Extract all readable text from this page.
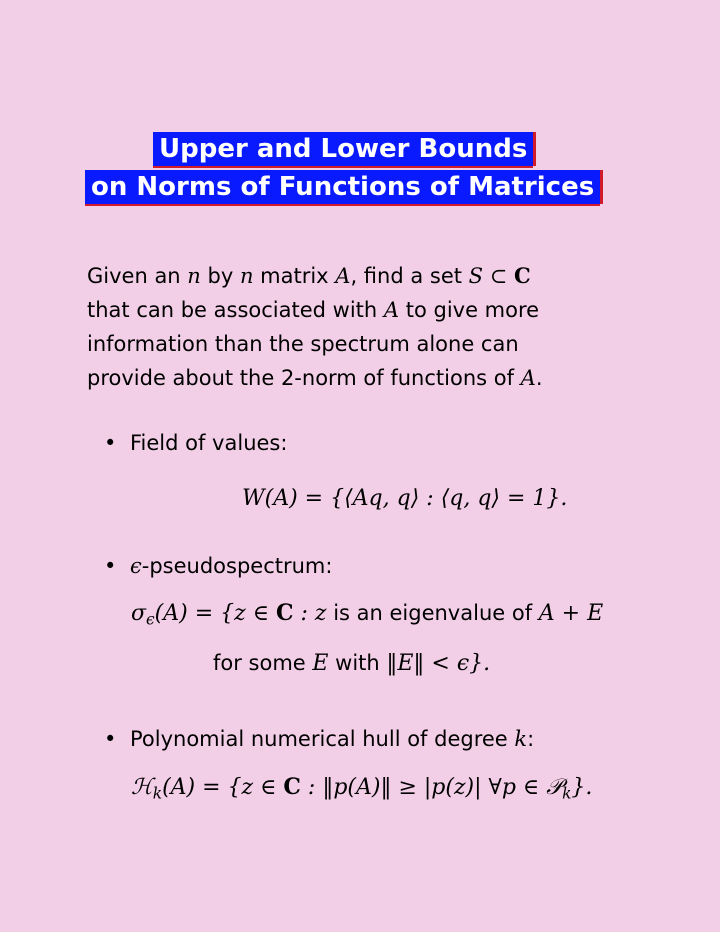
Upper and Lower Bounds
on Norms of Functions of Matrices
Given an n by n matrix A, find a set S ⊂ C
that can be associated with A to give more
information than the spectrum alone can
provide about the 2-norm of functions of A.
• Field of values:
W(A) = {⟨Aq, q⟩ : ⟨q, q⟩ = 1}.
• ϵ-pseudospectrum:
$\sigma_\epsilon(A) = \{z$ ∈ C : z is an eigenvalue of A + E
for some E with ‖E‖ < ϵ}.
• Polynomial numerical hull of degree k:
ℋ$_k$(A) = {z ∈ C : ‖p(A)‖ ≥ |p(z)| ∀p ∈ 𝒫$_k$}.
